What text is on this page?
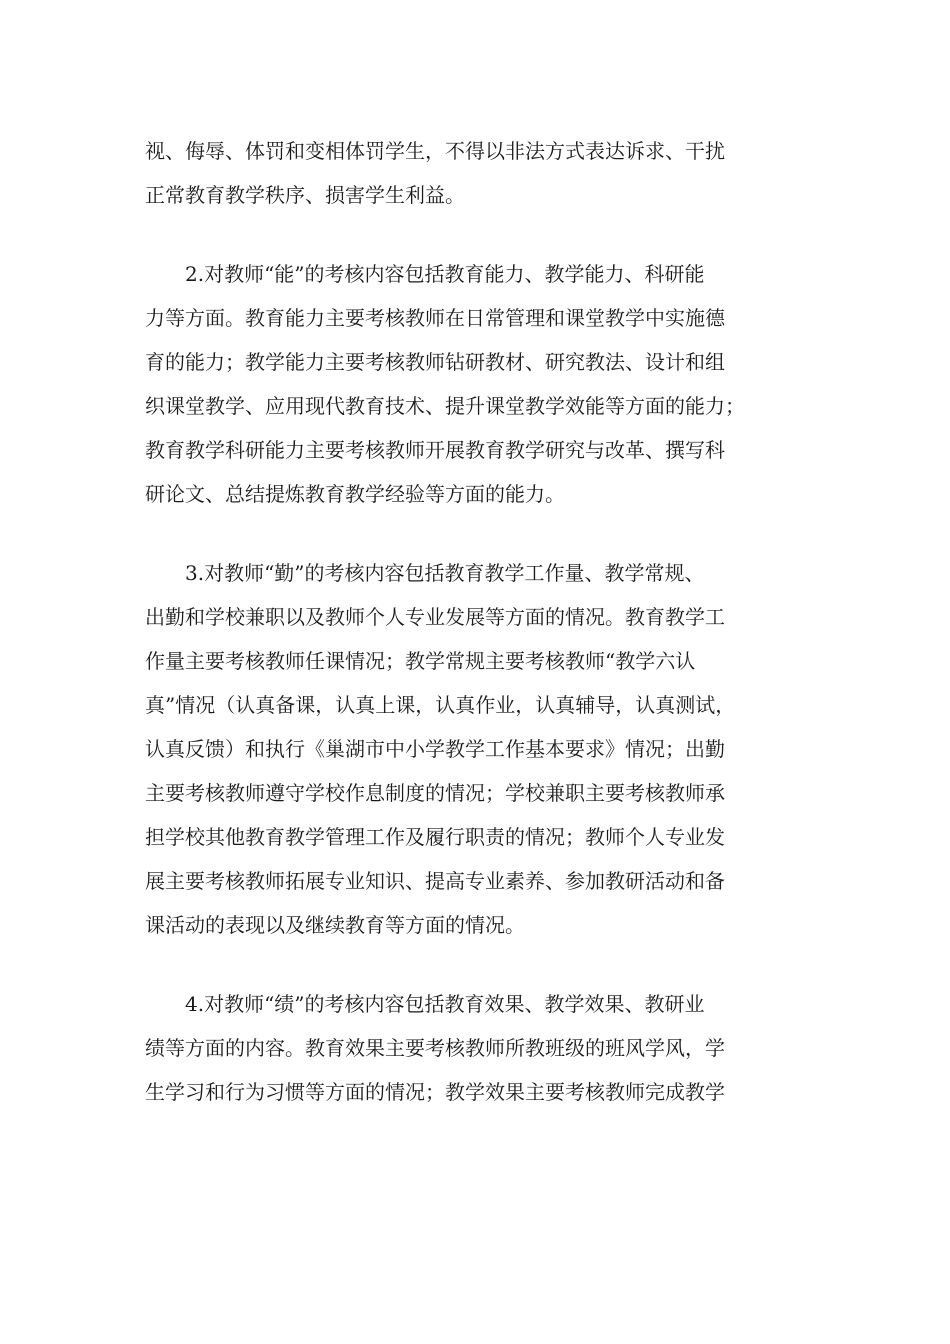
视、侮辱、体罚和变相体罚学生，不得以非法方式表达诉求、干扰
正常教育教学秩序、损害学生利益。
2.对教师“能”的考核内容包括教育能力、教学能力、科研能
力等方面。教育能力主要考核教师在日常管理和课堂教学中实施德
育的能力；教学能力主要考核教师钻研教材、研究教法、设计和组
织课堂教学、应用现代教育技术、提升课堂教学效能等方面的能力；
教育教学科研能力主要考核教师开展教育教学研究与改革、撰写科
研论文、总结提炼教育教学经验等方面的能力。
3.对教师“勤”的考核内容包括教育教学工作量、教学常规、
出勤和学校兼职以及教师个人专业发展等方面的情况。教育教学工
作量主要考核教师任课情况；教学常规主要考核教师“教学六认
真”情况（认真备课，认真上课，认真作业，认真辅导，认真测试，
认真反馈）和执行《巢湖市中小学教学工作基本要求》情况；出勤
主要考核教师遵守学校作息制度的情况；学校兼职主要考核教师承
担学校其他教育教学管理工作及履行职责的情况；教师个人专业发
展主要考核教师拓展专业知识、提高专业素养、参加教研活动和备
课活动的表现以及继续教育等方面的情况。
4.对教师“绩”的考核内容包括教育效果、教学效果、教研业
绩等方面的内容。教育效果主要考核教师所教班级的班风学风，学
生学习和行为习惯等方面的情况；教学效果主要考核教师完成教学
